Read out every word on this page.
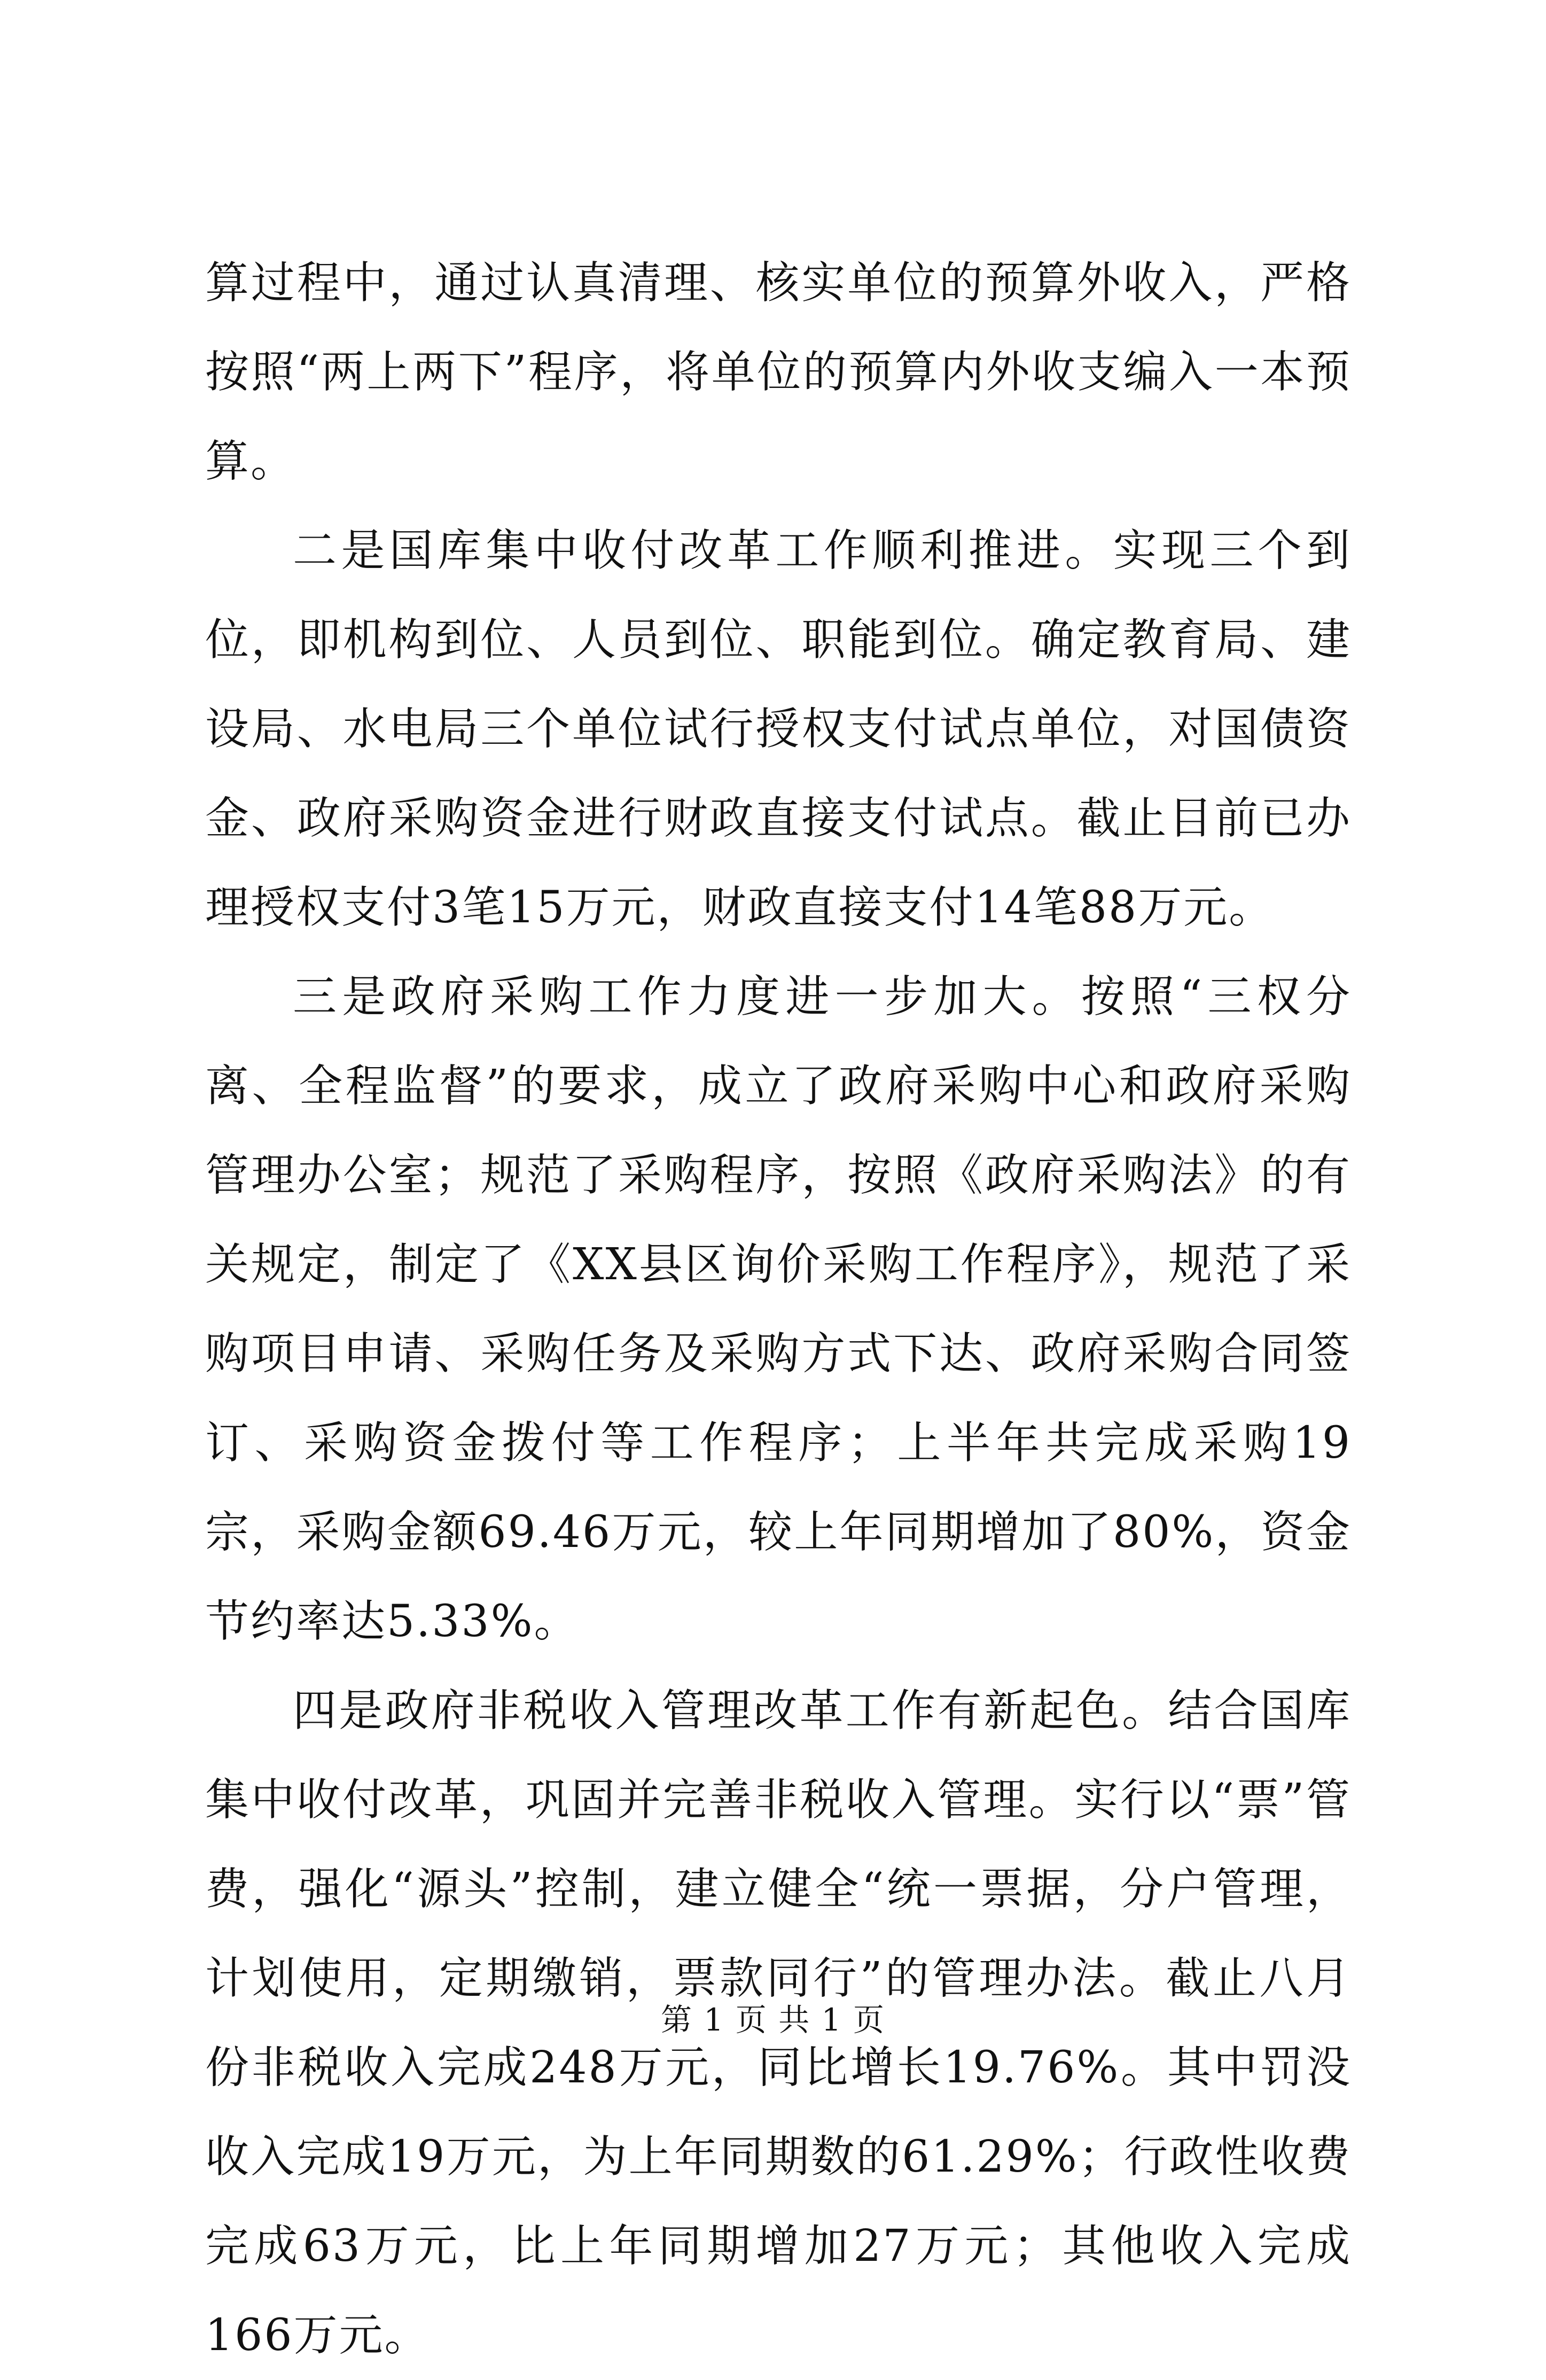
算过程中，通过认真清理、核实单位的预算外收入，严格按照“两上两下”程序，将单位的预算内外收支编入一本预算。

二是国库集中收付改革工作顺利推进。实现三个到位，即机构到位、人员到位、职能到位。确定教育局、建设局、水电局三个单位试行授权支付试点单位，对国债资金、政府采购资金进行财政直接支付试点。截止目前已办理授权支付3笔15万元，财政直接支付14笔88万元。

三是政府采购工作力度进一步加大。按照“三权分离、全程监督”的要求，成立了政府采购中心和政府采购管理办公室；规范了采购程序，按照《政府采购法》的有关规定，制定了《XX县区询价采购工作程序》，规范了采购项目申请、采购任务及采购方式下达、政府采购合同签订、采购资金拨付等工作程序；上半年共完成采购19宗，采购金额69.46万元，较上年同期增加了80%，资金节约率达5.33%。

四是政府非税收入管理改革工作有新起色。结合国库集中收付改革，巩固并完善非税收入管理。实行以“票”管费，强化“源头”控制，建立健全“统一票据，分户管理，计划使用，定期缴销，票款同行”的管理办法。截止八月份非税收入完成248万元，同比增长19.76%。其中罚没收入完成19万元，为上年同期数的61.29%；行政性收费完成63万元，比上年同期增加27万元；其他收入完成166万元。

第 1 页 共 1 页
